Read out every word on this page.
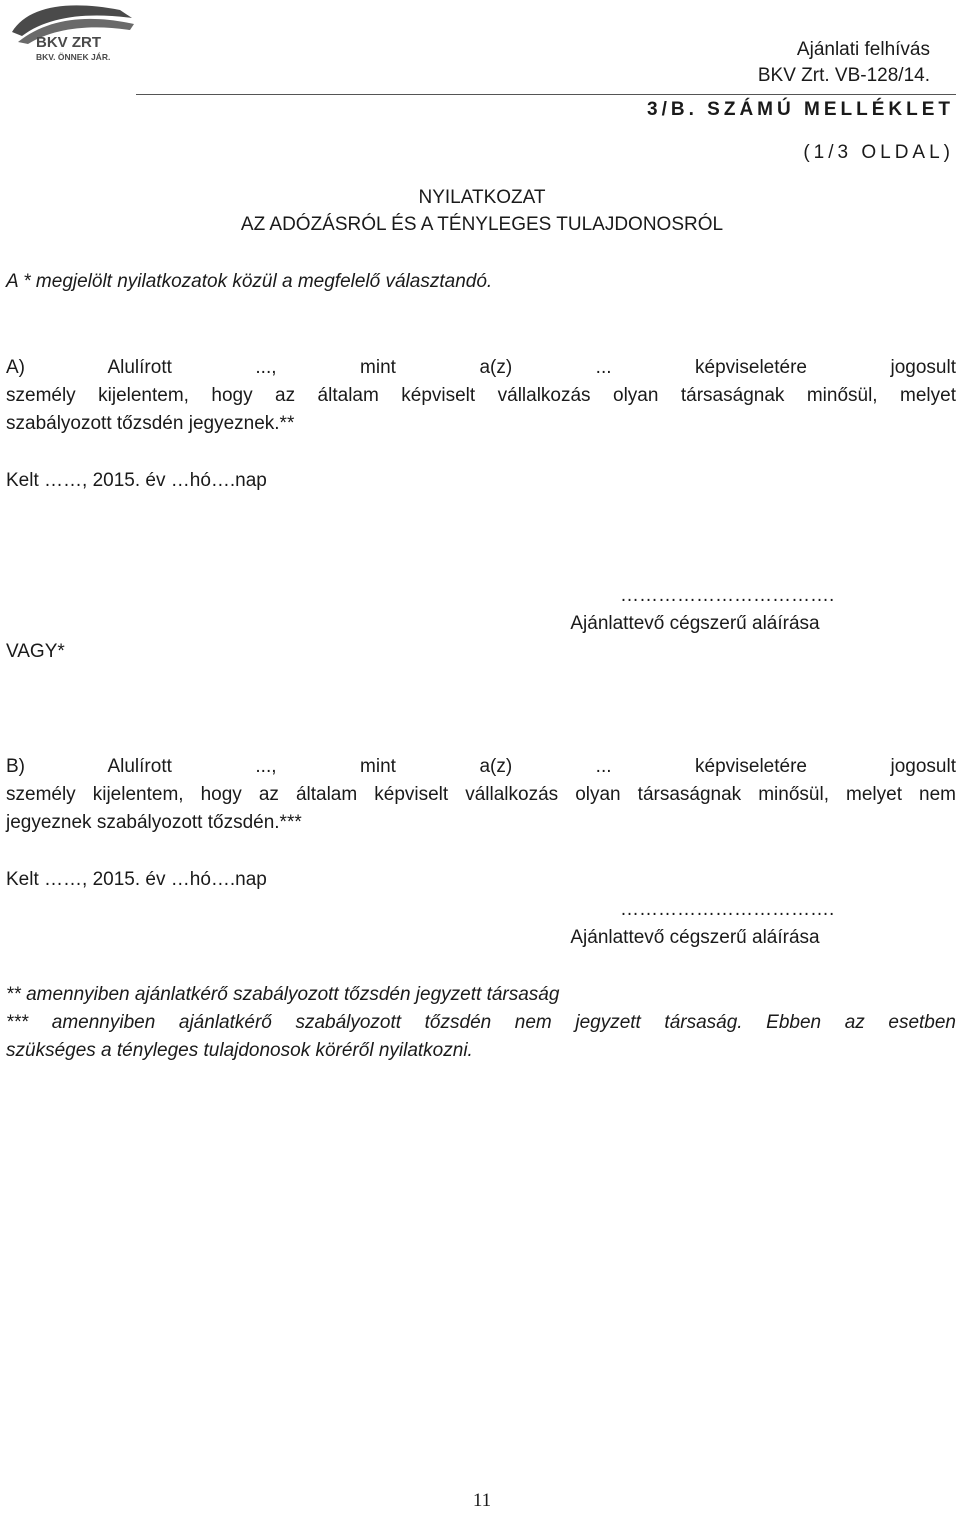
BKV ZRT
BKV. ÖNNEK JÁR.	Ajánlati felhívás
BKV Zrt. VB-128/14.
3/B. SZÁMÚ MELLÉKLET
(1/3 OLDAL)
NYILATKOZAT
AZ ADÓZÁSRÓL ÉS A TÉNYLEGES TULAJDONOSRÓL
A * megjelölt nyilatkozatok közül a megfelelő választandó.
A) Alulírott ..., mint a(z) ... képviseletére jogosult
személy kijelentem, hogy az általam képviselt vállalkozás olyan társaságnak minősül, melyet
szabályozott tőzsdén jegyeznek.**
Kelt ……, 2015. év …hó….nap
…………………………….
Ajánlattevő cégszerű aláírása
VAGY*
B) Alulírott ..., mint a(z) ... képviseletére jogosult
személy kijelentem, hogy az általam képviselt vállalkozás olyan társaságnak minősül, melyet nem
jegyeznek szabályozott tőzsdén.***
Kelt ……, 2015. év …hó….nap
…………………………….
Ajánlattevő cégszerű aláírása
** amennyiben ajánlatkérő szabályozott tőzsdén jegyzett társaság
*** amennyiben ajánlatkérő szabályozott tőzsdén nem jegyzett társaság. Ebben az esetben
szükséges a tényleges tulajdonosok köréről nyilatkozni.
11
